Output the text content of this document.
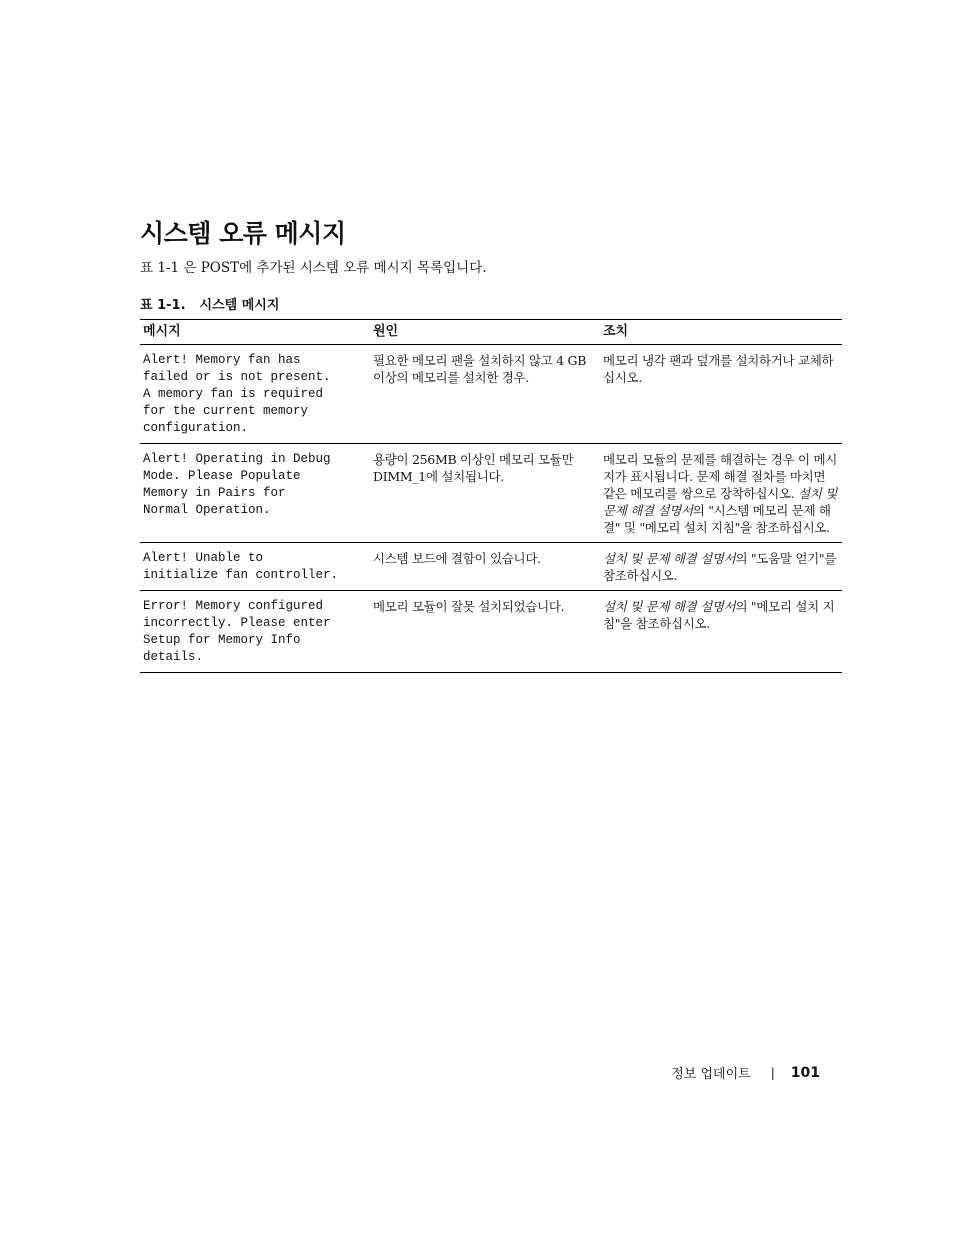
시스템 오류 메시지

표 1-1 은 POST에 추가된 시스템 오류 메시지 목록입니다.

표 1-1. 시스템 메시지
메시지	원인	조치
Alert! Memory fan has
failed or is not present.
A memory fan is required
for the current memory
configuration.	필요한 메모리 팬을 설치하지 않고 4 GB 이상의 메모리를 설치한 경우.	메모리 냉각 팬과 덮개를 설치하거나 교체하십시오.
Alert! Operating in Debug
Mode. Please Populate
Memory in Pairs for
Normal Operation.	용량이 256MB 이상인 메모리 모듈만 DIMM_1에 설치됩니다.	메모리 모듈의 문제를 해결하는 경우 이 메시지가 표시됩니다. 문제 해결 절차를 마치면 같은 메모리를 쌍으로 장착하십시오. 설치 및 문제 해결 설명서의 "시스템 메모리 문제 해결" 및 "메모리 설치 지침"을 참조하십시오.
Alert! Unable to
initialize fan controller.	시스템 보드에 결함이 있습니다.	설치 및 문제 해결 설명서의 "도움말 얻기"를 참조하십시오.
Error! Memory configured
incorrectly. Please enter
Setup for Memory Info
details.	메모리 모듈이 잘못 설치되었습니다.	설치 및 문제 해결 설명서의 "메모리 설치 지침"을 참조하십시오.
정보 업데이트 | 101
